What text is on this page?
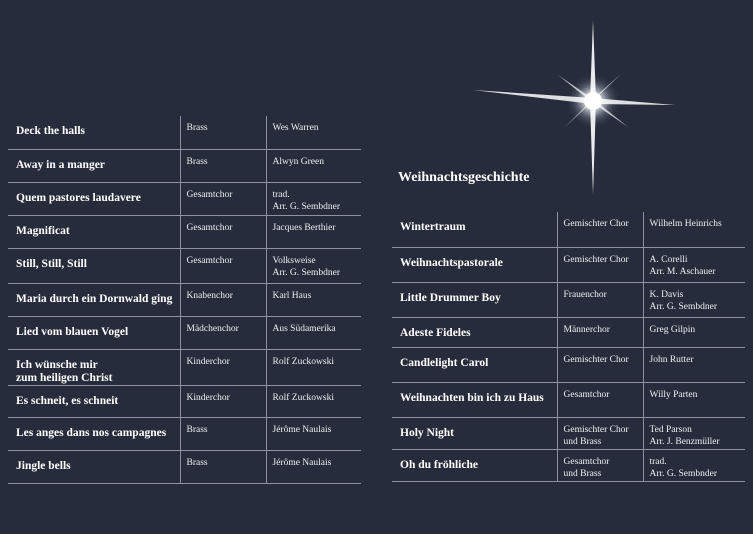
Weihnachtsgeschichte
Deck the halls	Brass	Wes Warren

Away in a manger	Brass	Alwyn Green

Quem pastores laudavere	Gesamtchor	trad.
Arr. G. Sembdner

Magnificat	Gesamtchor	Jacques Berthier

Still, Still, Still	Gesamtchor	Volksweise
Arr. G. Sembdner

Maria durch ein Dornwald ging	Knabenchor	Karl Haus

Lied vom blauen Vogel	Mädchenchor	Aus Südamerika

Ich wünsche mir
zum heiligen Christ	Kinderchor	Rolf Zuckowski

Es schneit, es schneit	Kinderchor	Rolf Zuckowski

Les anges dans nos campagnes	Brass	Jérôme Naulais

Jingle bells	Brass	Jérôme Naulais
Wintertraum	Gemischter Chor	Wilhelm Heinrichs

Weihnachtspastorale	Gemischter Chor	A. Corelli
Arr. M. Aschauer

Little Drummer Boy	Frauenchor	K. Davis
Arr. G. Sembdner

Adeste Fideles	Männerchor	Greg Gilpin

Candlelight Carol	Gemischter Chor	John Rutter

Weihnachten bin ich zu Haus	Gesamtchor	Willy Parten

Holy Night	Gemischter Chor
und Brass	Ted Parson
Arr. J. Benzmüller

Oh du fröhliche	Gesamtchor
und Brass	trad.
Arr. G. Sembnder
